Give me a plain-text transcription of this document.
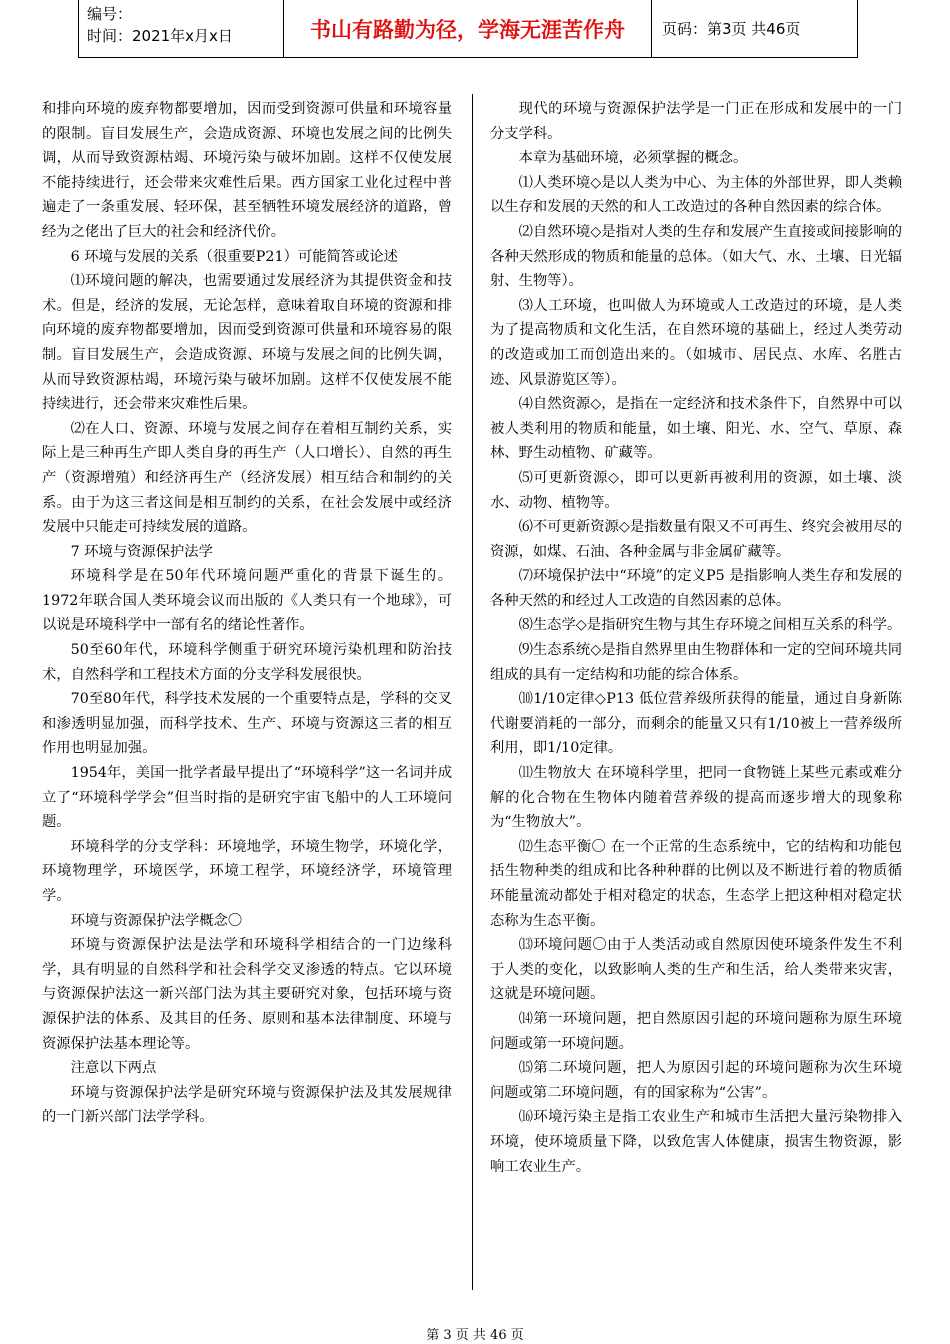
编号：
时间：2021年x月x日	书山有路勤为径，学海无涯苦作舟	页码：第3页 共46页

和排向环境的废弃物都要增加，因而受到资源可供量和环境容量的限制。盲目发展生产，会造成资源、环境也发展之间的比例失调，从而导致资源枯竭、环境污染与破坏加剧。这样不仅使发展不能持续进行，还会带来灾难性后果。西方国家工业化过程中普遍走了一条重发展、轻环保，甚至牺牲环境发展经济的道路，曾经为之佬出了巨大的社会和经济代价。

6 环境与发展的关系（很重要P21）可能简答或论述

⑴环境问题的解决，也需要通过发展经济为其提供资金和技术。但是，经济的发展，无论怎样，意味着取自环境的资源和排向环境的废弃物都要增加，因而受到资源可供量和环境容易的限制。盲目发展生产，会造成资源、环境与发展之间的比例失调，从而导致资源枯竭，环境污染与破坏加剧。这样不仅使发展不能持续进行，还会带来灾难性后果。

⑵在人口、资源、环境与发展之间存在着相互制约关系，实际上是三种再生产即人类自身的再生产（人口增长）、自然的再生产（资源增殖）和经济再生产（经济发展）相互结合和制约的关系。由于为这三者这间是相互制约的关系，在社会发展中或经济发展中只能走可持续发展的道路。

7 环境与资源保护法学

环境科学是在50年代环境问题严重化的背景下诞生的。1972年联合国人类环境会议而出版的《人类只有一个地球》，可以说是环境科学中一部有名的绪论性著作。

50至60年代，环境科学侧重于研究环境污染机理和防治技术，自然科学和工程技术方面的分支学科发展很快。

70至80年代，科学技术发展的一个重要特点是，学科的交叉和渗透明显加强，而科学技术、生产、环境与资源这三者的相互作用也明显加强。

1954年，美国一批学者最早提出了“环境科学”这一名词并成立了“环境科学学会”但当时指的是研究宇宙飞船中的人工环境问题。

环境科学的分支学科：环境地学，环境生物学，环境化学，环境物理学，环境医学，环境工程学，环境经济学，环境管理学。

环境与资源保护法学概念〇

环境与资源保护法是法学和环境科学相结合的一门边缘科学，具有明显的自然科学和社会科学交叉渗透的特点。它以环境与资源保护法这一新兴部门法为其主要研究对象，包括环境与资源保护法的体系、及其目的任务、原则和基本法律制度、环境与资源保护法基本理论等。

注意以下两点

环境与资源保护法学是研究环境与资源保护法及其发展规律的一门新兴部门法学学科。

现代的环境与资源保护法学是一门正在形成和发展中的一门分支学科。

本章为基础环境，必须掌握的概念。

⑴人类环境◇是以人类为中心、为主体的外部世界，即人类赖以生存和发展的天然的和人工改造过的各种自然因素的综合体。

⑵自然环境◇是指对人类的生存和发展产生直接或间接影响的各种天然形成的物质和能量的总体。（如大气、水、土壤、日光辐射、生物等）。

⑶人工环境，也叫做人为环境或人工改造过的环境，是人类为了提高物质和文化生活，在自然环境的基础上，经过人类劳动的改造或加工而创造出来的。（如城市、居民点、水库、名胜古迹、风景游览区等）。

⑷自然资源◇，是指在一定经济和技术条件下，自然界中可以被人类利用的物质和能量，如土壤、阳光、水、空气、草原、森林、野生动植物、矿藏等。

⑸可更新资源◇，即可以更新再被利用的资源，如土壤、淡水、动物、植物等。

⑹不可更新资源◇是指数量有限又不可再生、终究会被用尽的资源，如煤、石油、各种金属与非金属矿藏等。

⑺环境保护法中“环境”的定义P5 是指影响人类生存和发展的各种天然的和经过人工改造的自然因素的总体。

⑻生态学◇是指研究生物与其生存环境之间相互关系的科学。

⑼生态系统◇是指自然界里由生物群体和一定的空间环境共同组成的具有一定结构和功能的综合体系。

⑽1/10定律◇P13 低位营养级所获得的能量，通过自身新陈代谢要消耗的一部分，而剩余的能量又只有1/10被上一营养级所利用，即1/10定律。

⑾生物放大 在环境科学里，把同一食物链上某些元素或难分解的化合物在生物体内随着营养级的提高而逐步增大的现象称为“生物放大”。

⑿生态平衡〇 在一个正常的生态系统中，它的结构和功能包括生物种类的组成和比各种种群的比例以及不断进行着的物质循环能量流动都处于相对稳定的状态，生态学上把这种相对稳定状态称为生态平衡。

⒀环境问题〇由于人类活动或自然原因使环境条件发生不利于人类的变化，以致影响人类的生产和生活，给人类带来灾害，这就是环境问题。

⒁第一环境问题，把自然原因引起的环境问题称为原生环境问题或第一环境问题。

⒂第二环境问题，把人为原因引起的环境问题称为次生环境问题或第二环境问题，有的国家称为“公害”。

⒃环境污染主是指工农业生产和城市生活把大量污染物排入环境，使环境质量下降，以致危害人体健康，损害生物资源，影响工农业生产。

第 3 页 共 46 页
